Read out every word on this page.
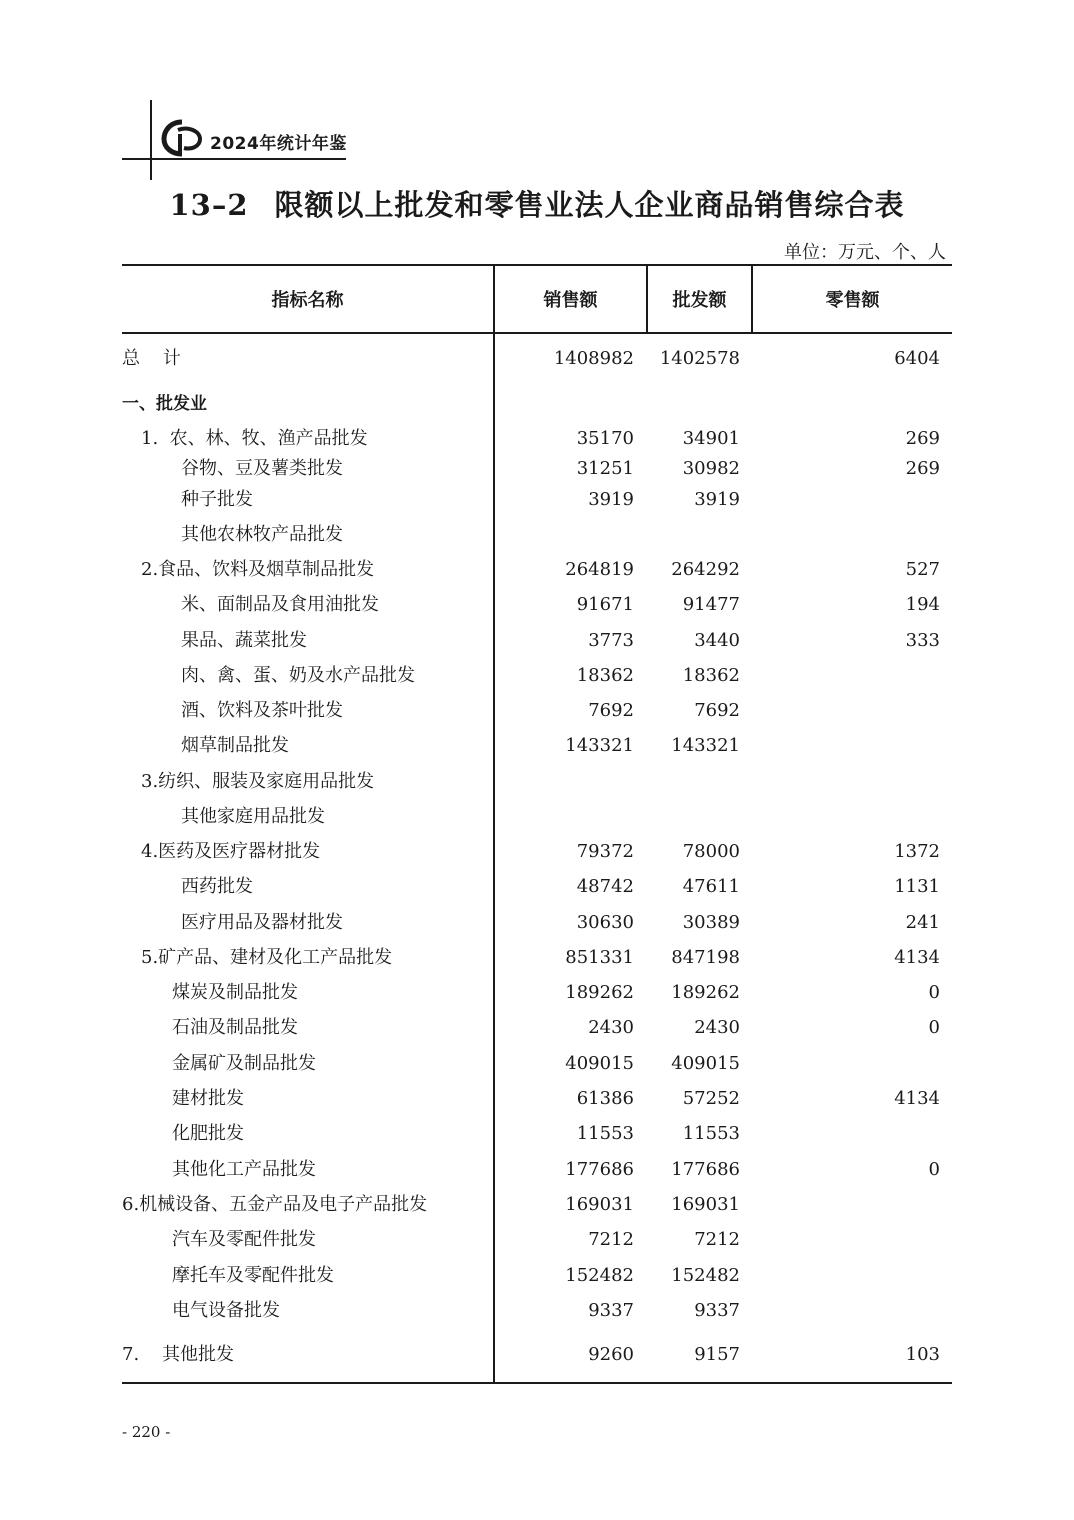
2024年统计年鉴
13–2 限额以上批发和零售业法人企业商品销售综合表
单位：万元、个、人
指标名称	销售额	批发额	零售额
总    计	1408982 1402578	6404
一、批发业
1.  农、林、牧、渔产品批发	35170	34901	269
谷物、豆及薯类批发	31251	30982	269
种子批发	3919	3919
其他农林牧产品批发
2.食品、饮料及烟草制品批发	264819 264292	527
米、面制品及食用油批发	91671	91477	194
果品、蔬菜批发	3773	3440	333
肉、禽、蛋、奶及水产品批发	18362	18362
酒、饮料及茶叶批发	7692	7692
烟草制品批发	143321 143321
3.纺织、服装及家庭用品批发
其他家庭用品批发
4.医药及医疗器材批发	79372	78000	1372
西药批发	48742	47611	1131
医疗用品及器材批发	30630	30389	241
5.矿产品、建材及化工产品批发	851331 847198	4134
煤炭及制品批发	189262 189262	0
石油及制品批发	2430	2430	0
金属矿及制品批发	409015 409015
建材批发	61386	57252	4134
化肥批发	11553	11553
其他化工产品批发	177686 177686	0
6.机械设备、五金产品及电子产品批发	169031 169031
汽车及零配件批发	7212	7212
摩托车及零配件批发	152482 152482
电气设备批发	9337	9337
7.    其他批发	9260	9157	103
- 220 -
